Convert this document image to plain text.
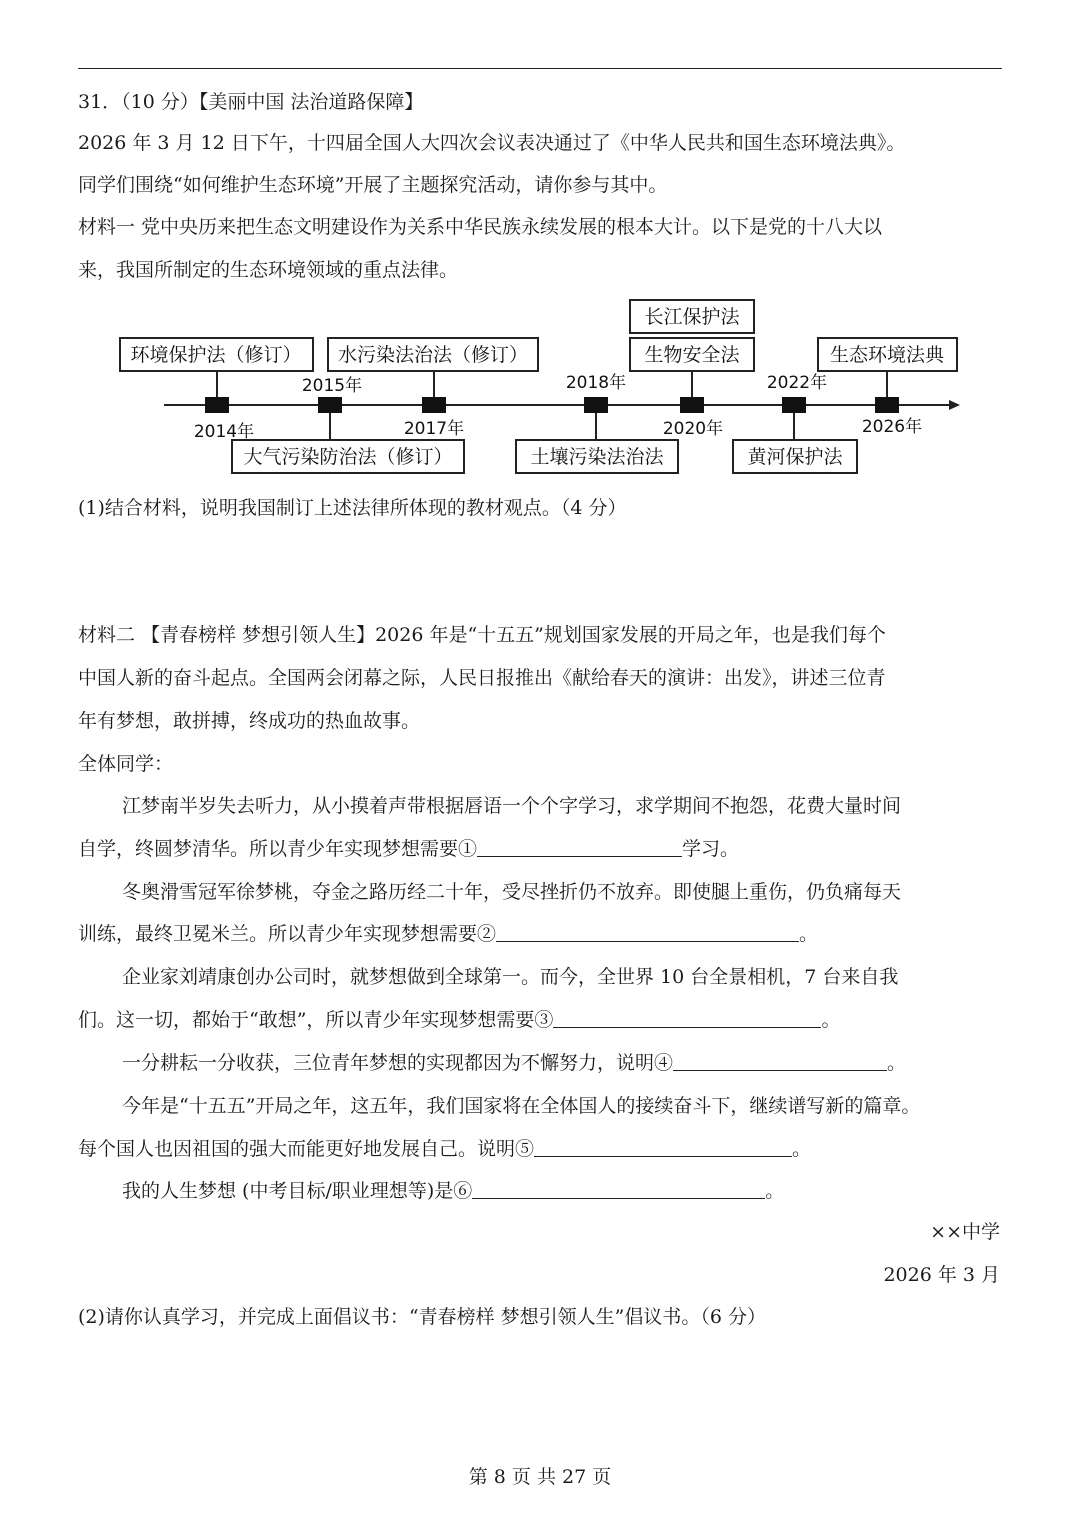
31．（10 分）【美丽中国 法治道路保障】
2026 年 3 月 12 日下午，十四届全国人大四次会议表决通过了《中华人民共和国生态环境法典》。
同学们围绕“如何维护生态环境”开展了主题探究活动，请你参与其中。
材料一 党中央历来把生态文明建设作为关系中华民族永续发展的根本大计。以下是党的十八大以
来，我国所制定的生态环境领域的重点法律。
环境保护法（修订） 水污染法治法（修订）
长江保护法
生物安全法	生态环境法典
大气污染防治法（修订）	土壤污染法治法	黄河保护法
2014年
2015年
2017年
2018年
2020年
2022年
2026年
(1)结合材料，说明我国制订上述法律所体现的教材观点。（4 分）
材料二 【青春榜样 梦想引领人生】2026 年是“十五五”规划国家发展的开局之年，也是我们每个
中国人新的奋斗起点。全国两会闭幕之际，人民日报推出《献给春天的演讲：出发》，讲述三位青
年有梦想，敢拼搏，终成功的热血故事。
全体同学：
江梦南半岁失去听力，从小摸着声带根据唇语一个个字学习，求学期间不抱怨，花费大量时间
自学，终圆梦清华。所以青少年实现梦想需要①	学习。
冬奥滑雪冠军徐梦桃，夺金之路历经二十年，受尽挫折仍不放弃。即使腿上重伤，仍负痛每天
训练，最终卫冕米兰。所以青少年实现梦想需要②	。
企业家刘靖康创办公司时，就梦想做到全球第一。而今，全世界 10 台全景相机，7 台来自我
们。这一切，都始于“敢想”，所以青少年实现梦想需要③	。
一分耕耘一分收获，三位青年梦想的实现都因为不懈努力，说明④	。
今年是“十五五”开局之年，这五年，我们国家将在全体国人的接续奋斗下，继续谱写新的篇章。
每个国人也因祖国的强大而能更好地发展自己。说明⑤	。
我的人生梦想 (中考目标/职业理想等)是⑥	。
××中学
2026 年 3 月
(2)请你认真学习，并完成上面倡议书：“青春榜样 梦想引领人生”倡议书。（6 分）
第 8 页 共 27 页
